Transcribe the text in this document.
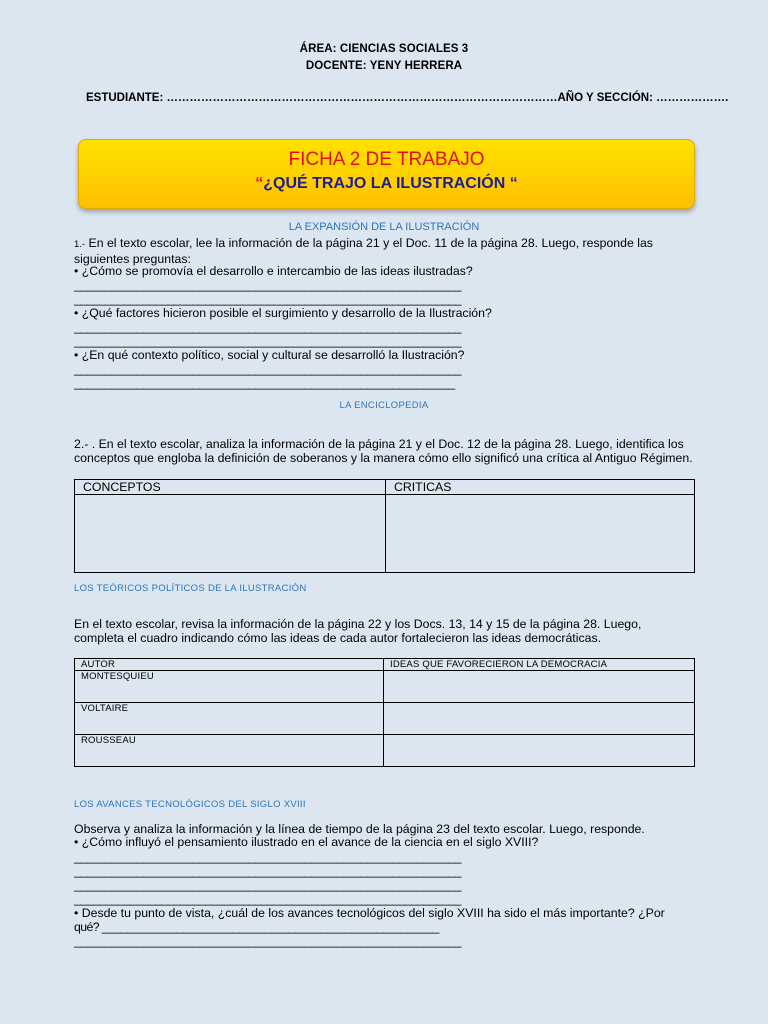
ÁREA: CIENCIAS SOCIALES 3
DOCENTE: YENY HERRERA
ESTUDIANTE: …………………………………………………………………………………………AÑO Y SECCIÓN: ……………….
FICHA 2 DE TRABAJO
“¿QUÉ TRAJO LA ILUSTRACIÓN “
LA EXPANSIÓN DE LA ILUSTRACIÓN
1.- En el texto escolar, lee la información de la página 21 y el Doc. 11 de la página 28. Luego, responde las siguientes preguntas:
• ¿Cómo se promovía el desarrollo e intercambio de las ideas ilustradas?
______________________________________________________________
______________________________________________________________
• ¿Qué factores hicieron posible el surgimiento y desarrollo de la Ilustración?
______________________________________________________________
______________________________________________________________
• ¿En qué contexto político, social y cultural se desarrolló la Ilustración?
______________________________________________________________
_____________________________________________________________
LA ENCICLOPEDIA
2.- . En el texto escolar, analiza la información de la página 21 y el Doc. 12 de la página 28. Luego, identifica los conceptos que engloba la definición de soberanos y la manera cómo ello significó una crítica al Antiguo Régimen.
CONCEPTOS	CRITICAS

LOS TEÓRICOS POLÍTICOS DE LA ILUSTRACIÓN
En el texto escolar, revisa la información de la página 22 y los Docs. 13, 14 y 15 de la página 28. Luego, completa el cuadro indicando cómo las ideas de cada autor fortalecieron las ideas democráticas.
AUTOR	IDEAS QUE FAVORECIERON LA DEMOCRACIA
MONTESQUIEU	
VOLTAIRE	
ROUSSEAU	
LOS AVANCES TECNOLÓGICOS DEL SIGLO XVIII
Observa y analiza la información y la línea de tiempo de la página 23 del texto escolar. Luego, responde.
• ¿Cómo influyó el pensamiento ilustrado en el avance de la ciencia en el siglo XVIII?
______________________________________________________________
______________________________________________________________
______________________________________________________________
______________________________________________________________
• Desde tu punto de vista, ¿cuál de los avances tecnológicos del siglo XVIII ha sido el más importante? ¿Por
qué? ______________________________________________________
______________________________________________________________
